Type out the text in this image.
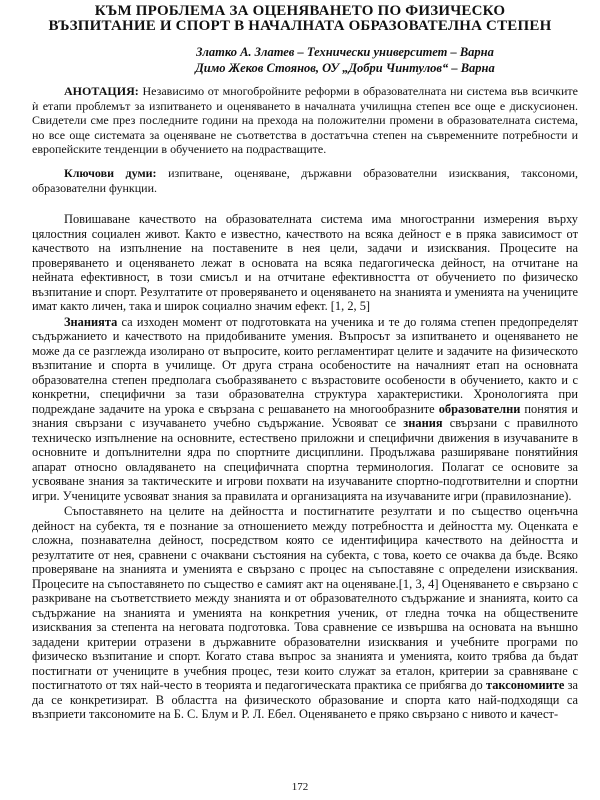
КЪМ ПРОБЛЕМА ЗА ОЦЕНЯВАНЕТО ПО ФИЗИЧЕСКО ВЪЗПИТАНИЕ И СПОРТ В НАЧАЛНАТА ОБРАЗОВАТЕЛНА СТЕПЕН
Златко А. Златев – Технически университет – Варна
Димо Жеков Стоянов, ОУ „Добри Чинтулов“ – Варна
АНОТАЦИЯ: Независимо от многобройните реформи в образователната ни система във всичките ѝ етапи проблемът за изпитването и оценяването в началната училищна степен все още е дискусионен. Свидетели сме през последните години на прехода на положителни промени в образователната система, но все още системата за оценяване не съответства в достатъчна степен на съвременните потребности и европейските тенденции в обучението на подрастващите.
Ключови думи: изпитване, оценяване, държавни образователни изисквания, таксономи, образователни функции.

Повишаване качеството на образователната система има многостранни измерения върху цялостния социален живот. Както е известно, качеството на всяка дейност е в пряка зависимост от качеството на изпълнение на поставените в нея цели, задачи и изисквания. Процесите на проверяването и оценяването лежат в основата на всяка педагогическа дейност, на отчитане на нейната ефективност, в този смисъл и на отчитане ефективността от обучението по физическо възпитание и спорт. Резултатите от проверяването и оценяването на знанията и уменията на учениците имат както личен, така и широк социално значим ефект. [1, 2, 5]

Знанията са изходен момент от подготовката на ученика и те до голяма степен предопределят съдържанието и качеството на придобиваните умения. Въпросът за изпитването и оценяването не може да се разглежда изолирано от въпросите, които регламентират целите и задачите на физическото възпитание и спорта в училище. От друга страна особеностите на началният етап на основната образователна степен предполага съобразяването с възрастовите особености в обучението, както и с конкретни, специфични за тази образователна структура характеристики. Хронологията при подреждане задачите на урока е свързана с решаването на многообразните образователни понятия и знания свързани с изучаването учебно съдържание. Усвояват се знания свързани с правилното техническо изпълнение на основните, естествено приложни и специфични движения в изучаваните в основните и допълнителни ядра по спортните дисциплини. Продължава разширяване понятийния апарат относно овладяването на специфичната спортна терминология. Полагат се основите за усвояване знания за тактическите и игрови похвати на изучаваните спортно-подготвителни и спортни игри. Учениците усвояват знания за правилата и организацията на изучаваните игри (правилознание).

Съпоставянето на целите на дейността и постигнатите резултати и по същество оценъчна дейност на субекта, тя е познание за отношението между потребността и дейността му. Оценката е сложна, познавателна дейност, посредством която се идентифицира качеството на дейността и резултатите от нея, сравнени с очаквани състояния на субекта, с това, което се очаква да бъде. Всяко проверяване на знанията и уменията е свързано с процес на съпоставяне с определени изисквания. Процесите на съпоставянето по същество е самият акт на оценяване.[1, 3, 4] Оценяването е свързано с разкриване на съответствието между знанията и от образователното съдържание и знанията, които са съдържание на знанията и уменията на конкретния ученик, от гледна точка на обществените изисквания за степента на неговата подготовка. Това сравнение се извършва на основата на външно зададени критерии отразени в държавните образователни изисквания и учебните програми по физическо възпитание и спорт. Когато става въпрос за знанията и уменията, които трябва да бъдат постигнати от учениците в учебния процес, тези които служат за еталон, критерии за сравняване с постигнатото от тях най-често в теорията и педагогическата практика се прибягва до таксономиите за да се конкретизират. В областта на физическото образование и спорта като най-подходящи са възприети таксономите на Б. С. Блум и Р. Л. Ебел. Оценяването е пряко свързано с нивото и качест-

172
